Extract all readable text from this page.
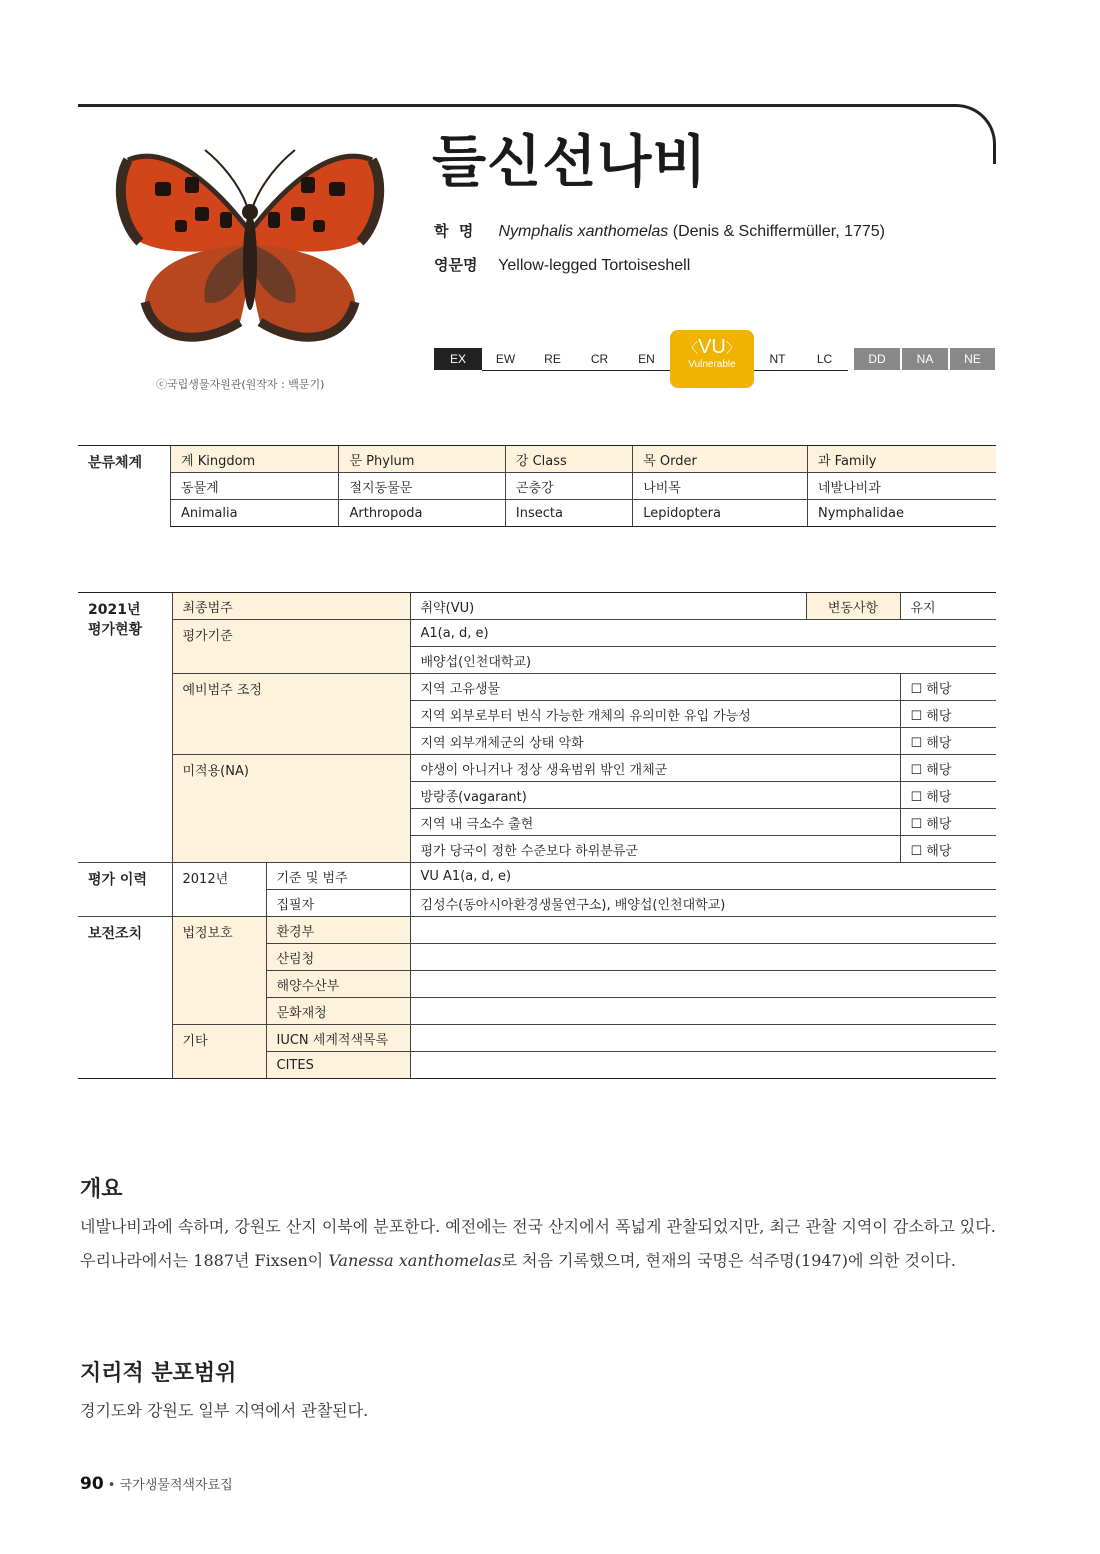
ⓒ국립생물자원관(원작자 : 백문기)
들신선나비
학  명 Nymphalis xanthomelas (Denis & Schiffermüller, 1775)
영문명 Yellow-legged Tortoiseshell
EX	EW	RE	CR	EN
〈VU〉
Vulnerable	NT	LC	DD	NA	NE
분류체계	계 Kingdom	문 Phylum	강 Class	목 Order	과 Family
	동물계	절지동물문	곤충강	나비목	네발나비과
	Animalia	Arthropoda	Insecta	Lepidoptera	Nymphalidae
2021년
평가현황	최종범주		취약(VU)	변동사항	유지
	평가기준		A1(a, d, e)		
			배양섭(인천대학교)		
	예비범주 조정		지역 고유생물		☐ 해당
			지역 외부로부터 번식 가능한 개체의 유의미한 유입 가능성		☐ 해당
			지역 외부개체군의 상태 악화		☐ 해당
	미적용(NA)		야생이 아니거나 정상 생육범위 밖인 개체군		☐ 해당
			방랑종(vagarant)		☐ 해당
			지역 내 극소수 출현		☐ 해당
			평가 당국이 정한 수준보다 하위분류군		☐ 해당
평가 이력	2012년	기준 및 범주	VU A1(a, d, e)		
		집필자	김성수(동아시아환경생물연구소), 배양섭(인천대학교)		
보전조치	법정보호	환경부			
		산림청			
		해양수산부			
		문화재청			
	기타	IUCN 세계적색목록			
		CITES			
개요
네발나비과에 속하며, 강원도 산지 이북에 분포한다. 예전에는 전국 산지에서 폭넓게 관찰되었지만, 최근 관찰 지역이 감소하고 있다. 우리나라에서는 1887년 Fixsen이 Vanessa xanthomelas로 처음 기록했으며, 현재의 국명은 석주명(1947)에 의한 것이다.
지리적 분포범위
경기도와 강원도 일부 지역에서 관찰된다.
90 • 국가생물적색자료집
